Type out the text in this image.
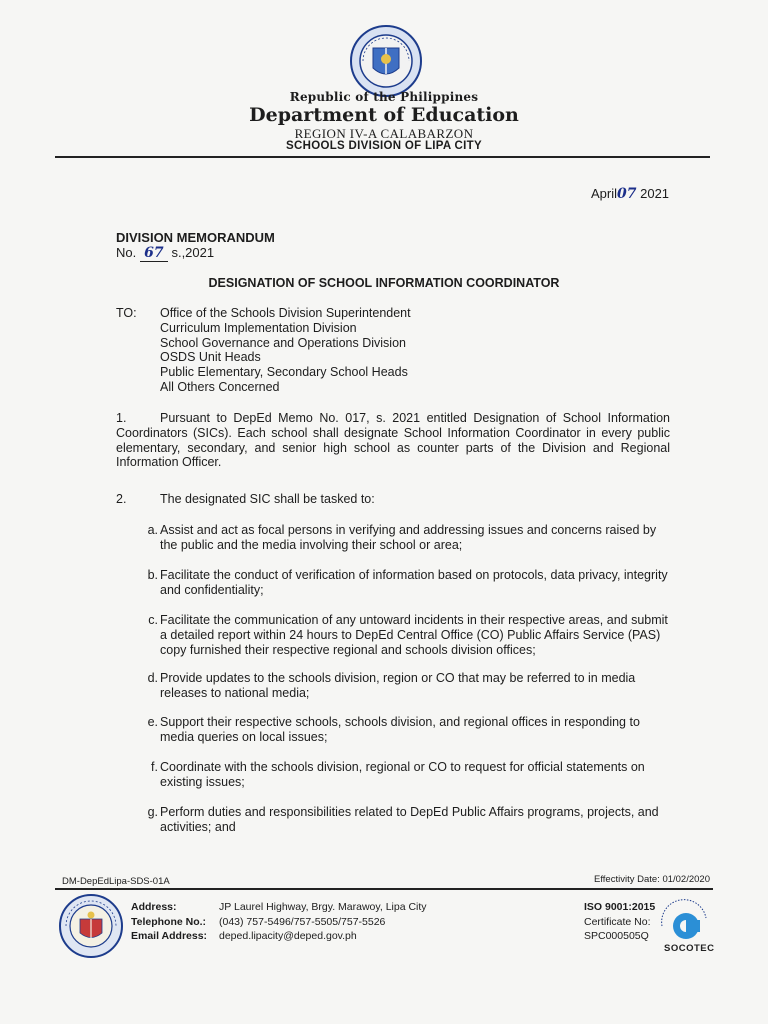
Republic of the Philippines
Department of Education
REGION IV-A CALABARZON
SCHOOLS DIVISION OF LIPA CITY
April07 2021
DIVISION MEMORANDUM
No. 67 s.,2021
DESIGNATION OF SCHOOL INFORMATION COORDINATOR
TO: Office of the Schools Division Superintendent
Curriculum Implementation Division
School Governance and Operations Division
OSDS Unit Heads
Public Elementary, Secondary School Heads
All Others Concerned
1.	Pursuant to DepEd Memo No. 017, s. 2021 entitled Designation of School Information Coordinators (SICs). Each school shall designate School Information Coordinator in every public elementary, secondary, and senior high school as counter parts of the Division and Regional Information Officer.
2.	The designated SIC shall be tasked to:
a. Assist and act as focal persons in verifying and addressing issues and concerns raised by the public and the media involving their school or area;
b. Facilitate the conduct of verification of information based on protocols, data privacy, integrity and confidentiality;
c. Facilitate the communication of any untoward incidents in their respective areas, and submit a detailed report within 24 hours to DepEd Central Office (CO) Public Affairs Service (PAS) copy furnished their respective regional and schools division offices;
d. Provide updates to the schools division, region or CO that may be referred to in media releases to national media;
e. Support their respective schools, schools division, and regional offices in responding to media queries on local issues;
f. Coordinate with the schools division, regional or CO to request for official statements on existing issues;
g. Perform duties and responsibilities related to DepEd Public Affairs programs, projects, and activities; and
DM-DepEdLipa-SDS-01A	Effectivity Date: 01/02/2020
Address:	JP Laurel Highway, Brgy. Marawoy, Lipa City
Telephone No.: (043) 757-5496/757-5505/757-5526
Email Address: deped.lipacity@deped.gov.ph
ISO 9001:2015
Certificate No:
SPC000505Q
SOCOTEC
